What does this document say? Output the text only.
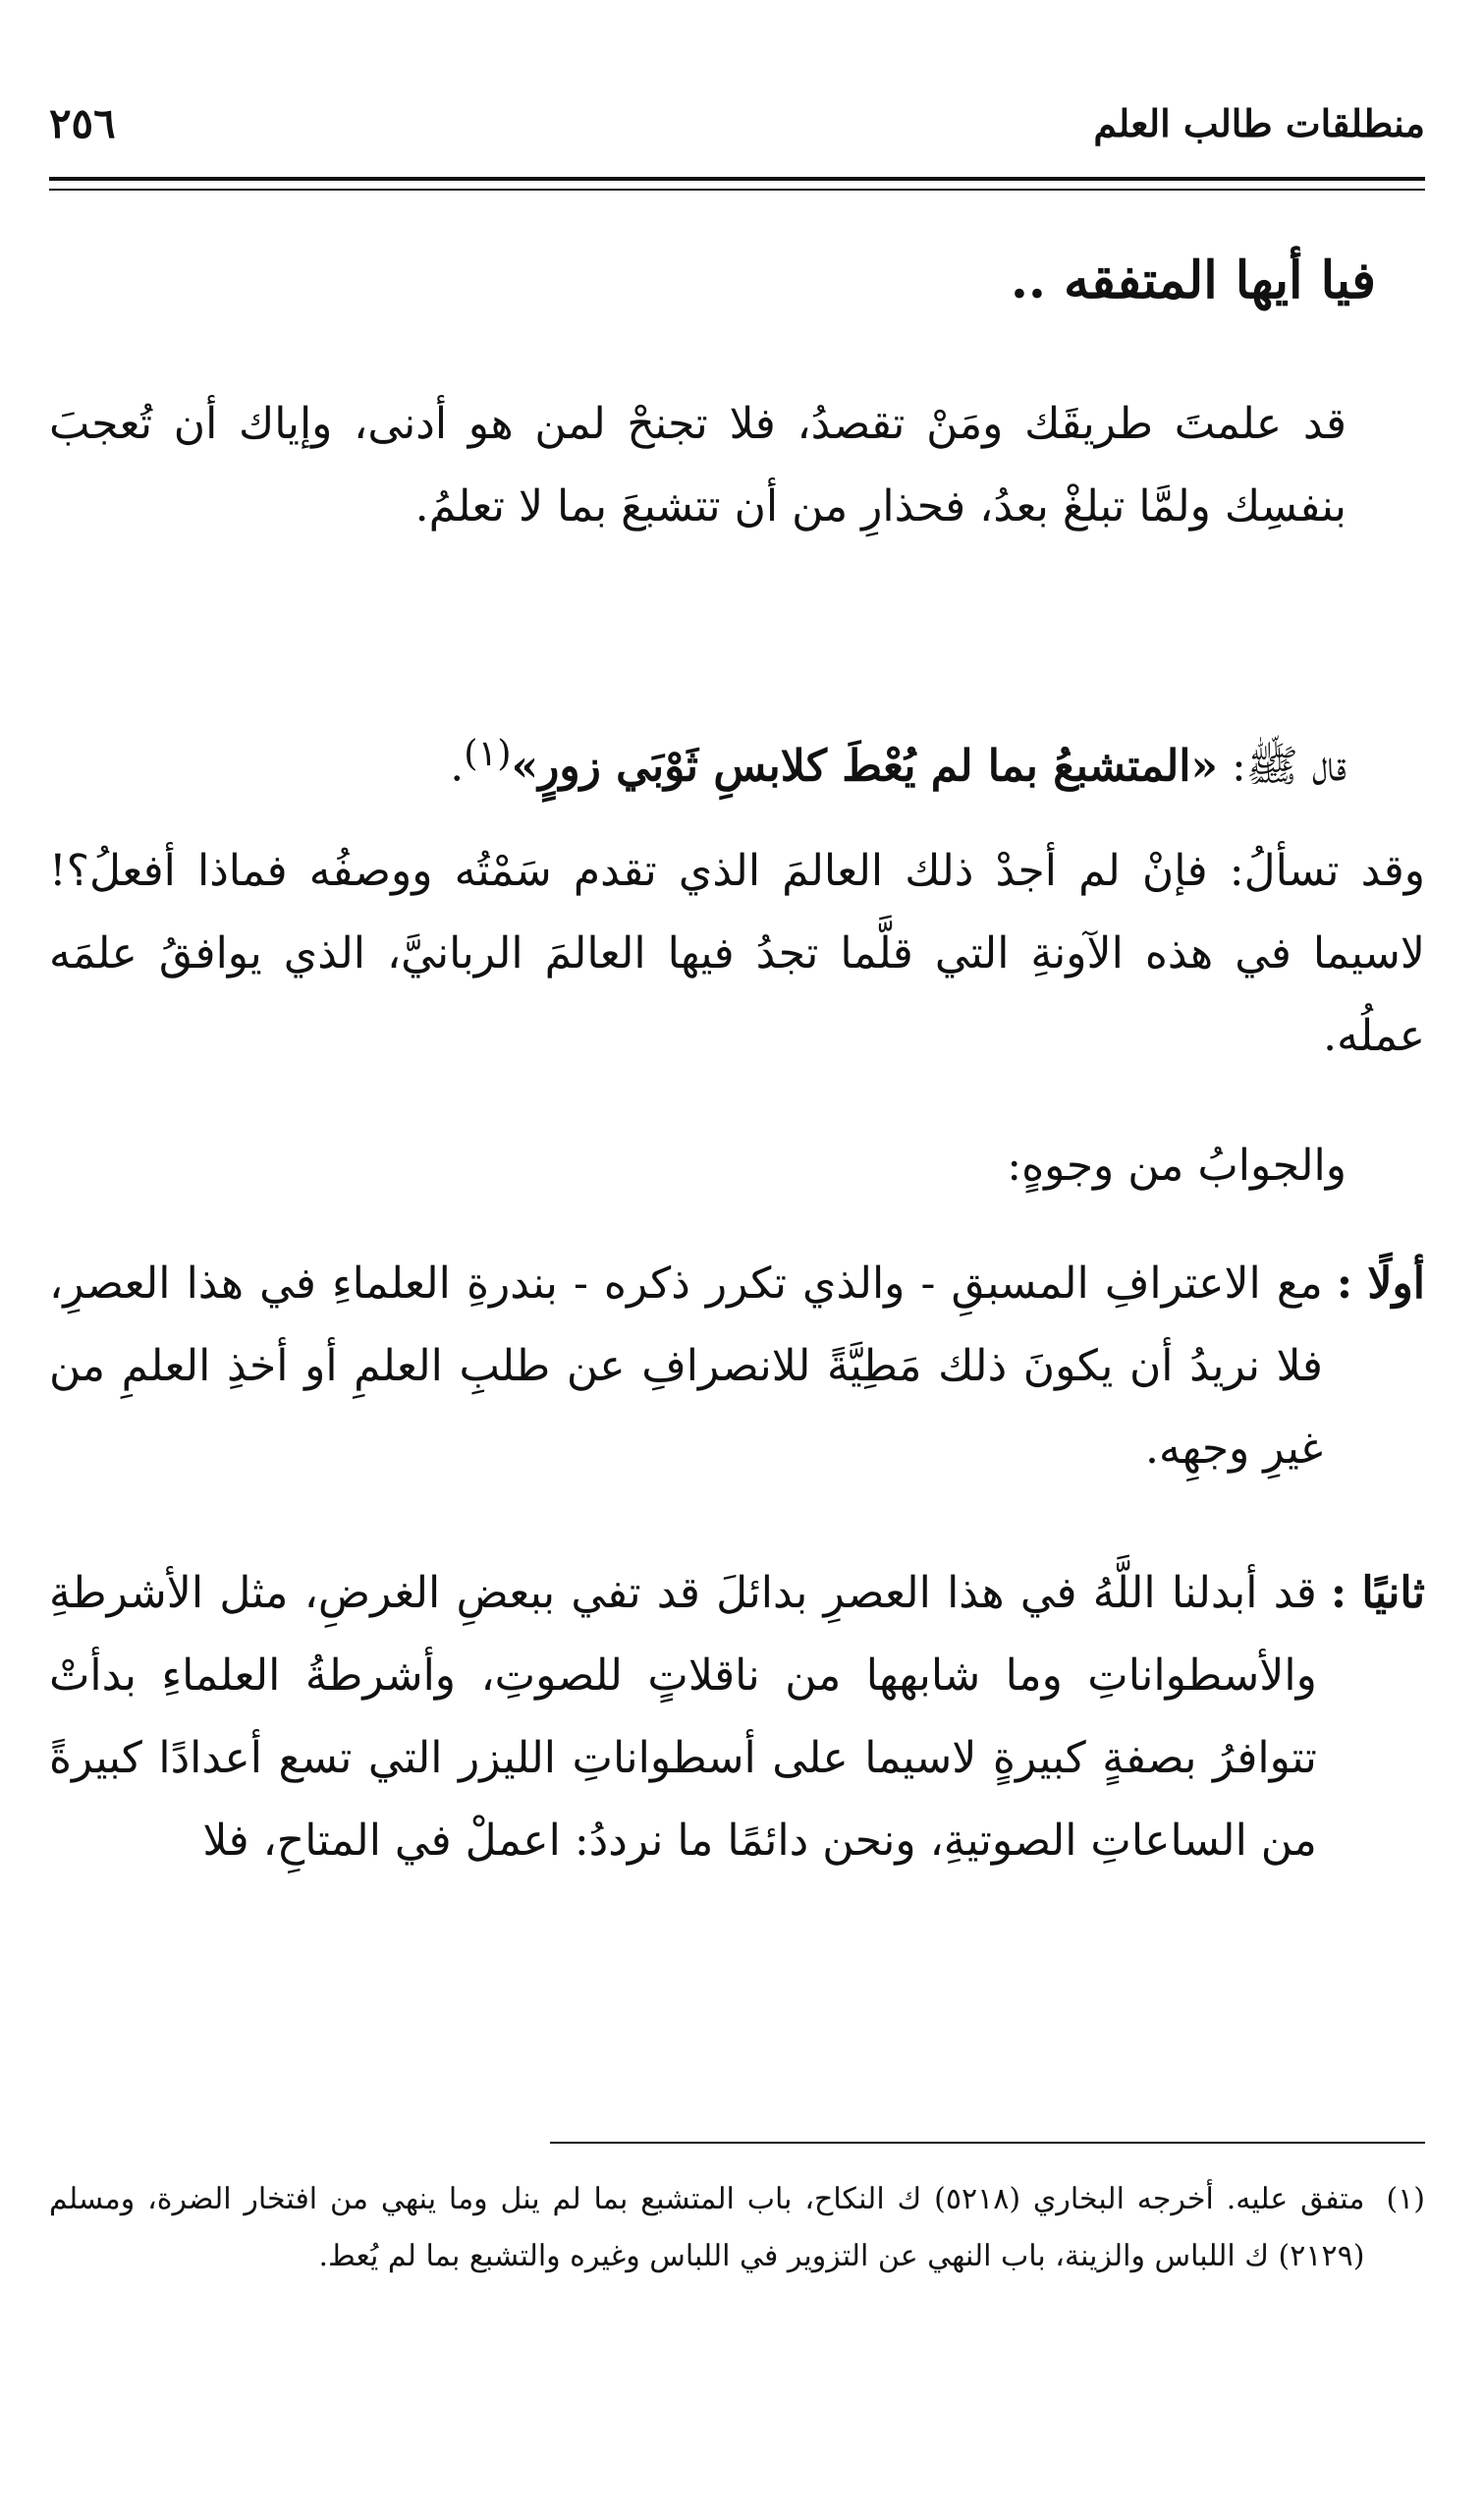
منطلقات طالب العلم
٢٥٦
فيا أيها المتفقه ..
قد علمتَ طريقَك ومَنْ تقصدُ، فلا تجنحْ لمن هو أدنى، وإياك أن تُعجبَ بنفسِك ولمَّا تبلغْ بعدُ، فحذارِ من أن تتشبعَ بما لا تعلمُ.
قال ﷺ: «المتشبعُ بما لم يُعْطَ كلابسِ ثَوْبَي زورٍ»$^{(١)}$.
وقد تسألُ: فإنْ لم أجدْ ذلك العالمَ الذي تقدم سَمْتُه ووصفُه فماذا أفعلُ؟! لاسيما في هذه الآونةِ التي قلَّما تجدُ فيها العالمَ الربانيَّ، الذي يوافقُ علمَه عملُه.
والجوابُ من وجوهٍ:
أولًا :
مع الاعترافِ المسبقِ - والذي تكرر ذكره - بندرةِ العلماءِ في هذا العصرِ، فلا نريدُ أن يكونَ ذلك مَطِيَّةً للانصرافِ عن طلبِ العلمِ أو أخذِ العلمِ من غيرِ وجهِه.
ثانيًا :
قد أبدلنا اللَّهُ في هذا العصرِ بدائلَ قد تفي ببعضِ الغرضِ، مثل الأشرطةِ والأسطواناتِ وما شابهها من ناقلاتٍ للصوتِ، وأشرطةُ العلماءِ بدأتْ تتوافرُ بصفةٍ كبيرةٍ لاسيما على أسطواناتِ الليزر التي تسع أعدادًا كبيرةً من الساعاتِ الصوتيةِ، ونحن دائمًا ما نرددُ: اعملْ في المتاحِ، فلا
(١)
متفق عليه. أخرجه البخاري (٥٢١٨) ك النكاح، باب المتشبع بما لم ينل وما ينهي من افتخار الضرة، ومسلم (٢١٢٩) ك اللباس والزينة، باب النهي عن التزوير في اللباس وغيره والتشبع بما لم يُعط.
